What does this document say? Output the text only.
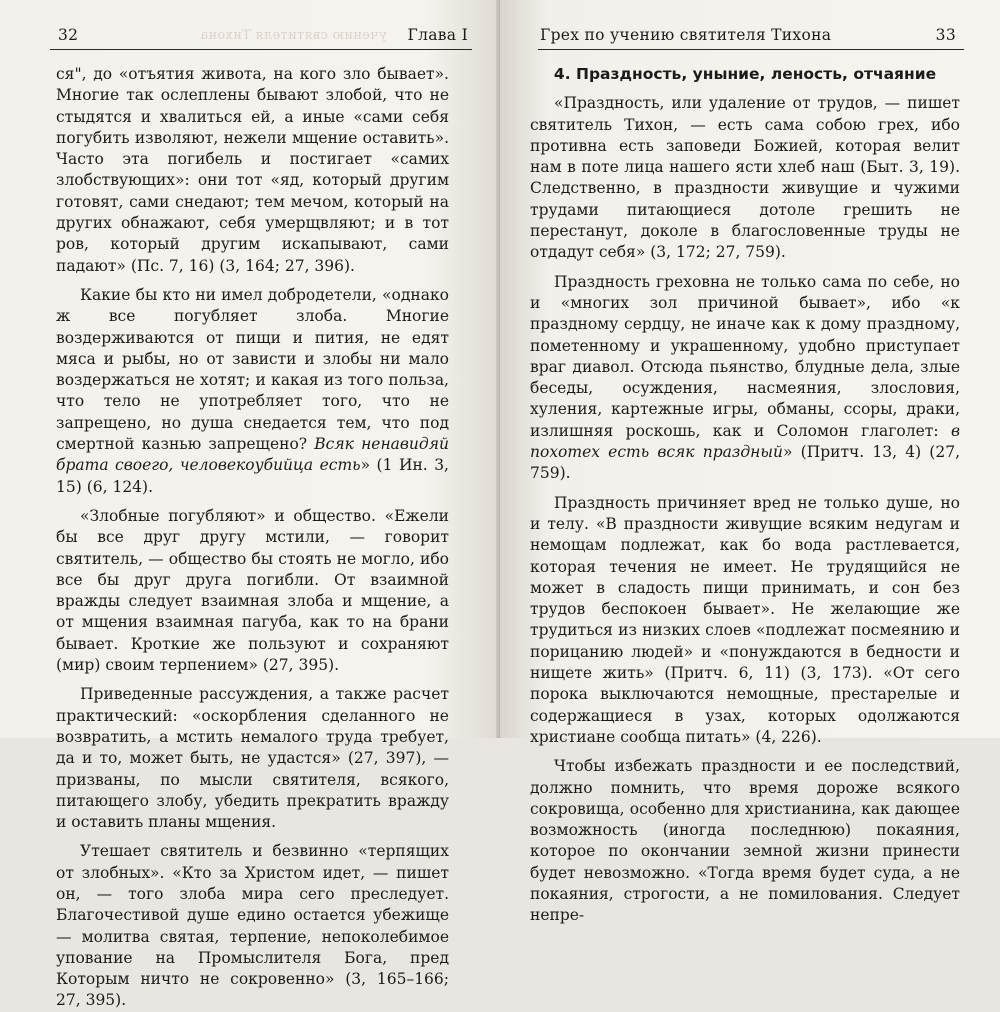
учению святителя Тихона
32	Глава I

ся", до «отъятия живота, на кого зло бывает». Многие так ослеплены бывают злобой, что не стыдятся и хвалиться ей, а иные «сами себя погубить изволяют, нежели мщение оставить». Часто эта погибель и постигает «самих злобствующих»: они тот «яд, который другим готовят, сами снедают; тем мечом, который на других обнажают, себя умерщвляют; и в тот ров, который другим искапывают, сами падают» (Пс. 7, 16) (3, 164; 27, 396).

Какие бы кто ни имел добродетели, «однако ж все погубляет злоба. Многие воздерживаются от пищи и пития, не едят мяса и рыбы, но от зависти и злобы ни мало воздержаться не хотят; и какая из того польза, что тело не употребляет того, что не запрещено, но душа снедается тем, что под смертной казнью запрещено? Всяк ненавидяй брата своего, человекоубийца есть» (1 Ин. 3, 15) (6, 124).

«Злобные погубляют» и общество. «Ежели бы все друг другу мстили, — говорит святитель, — общество бы стоять не могло, ибо все бы друг друга погибли. От взаимной вражды следует взаимная злоба и мщение, а от мщения взаимная пагуба, как то на брани бывает. Кроткие же пользуют и сохраняют (мир) своим терпением» (27, 395).

Приведенные рассуждения, а также расчет практический: «оскорбления сделанного не возвратить, а мстить немалого труда требует, да и то, может быть, не удастся» (27, 397), — призваны, по мысли святителя, всякого, питающего злобу, убедить прекратить вражду и оставить планы мщения.

Утешает святитель и безвинно «терпящих от злобных». «Кто за Христом идет, — пишет он, — того злоба мира сего преследует. Благочестивой душе едино остается убежище — молитва святая, терпение, непоколебимое упование на Промыслителя Бога, пред Которым ничто не сокровенно» (3, 165–166; 27, 395).

Грех по учению святителя Тихона	33
4. Праздность, уныние, леность, отчаяние

«Праздность, или удаление от трудов, — пишет святитель Тихон, — есть сама собою грех, ибо противна есть заповеди Божией, которая велит нам в поте лица нашего ясти хлеб наш (Быт. 3, 19). Следственно, в праздности живущие и чужими трудами питающиеся дотоле грешить не перестанут, доколе в благословенные труды не отдадут себя» (3, 172; 27, 759).

Праздность греховна не только сама по себе, но и «многих зол причиной бывает», ибо «к праздному сердцу, не иначе как к дому праздному, пометенному и украшенному, удобно приступает враг диавол. Отсюда пьянство, блудные дела, злые беседы, осуждения, насмеяния, злословия, хуления, картежные игры, обманы, ссоры, драки, излишняя роскошь, как и Соломон глаголет: в похотех есть всяк праздный» (Притч. 13, 4) (27, 759).

Праздность причиняет вред не только душе, но и телу. «В праздности живущие всяким недугам и немощам подлежат, как бо вода растлевается, которая течения не имеет. Не трудящийся не может в сладость пищи принимать, и сон без трудов беспокоен бывает». Не желающие же трудиться из низких слоев «подлежат посмеянию и порицанию людей» и «понуждаются в бедности и нищете жить» (Притч. 6, 11) (3, 173). «От сего порока выключаются немощные, престарелые и содержащиеся в узах, которых одолжаются христиане сообща питать» (4, 226).

Чтобы избежать праздности и ее последствий, должно помнить, что время дороже всякого сокровища, особенно для христианина, как дающее возможность (иногда последнюю) покаяния, которое по окончании земной жизни принести будет невозможно. «Тогда время будет суда, а не покаяния, строгости, а не помилования. Следует непре-
